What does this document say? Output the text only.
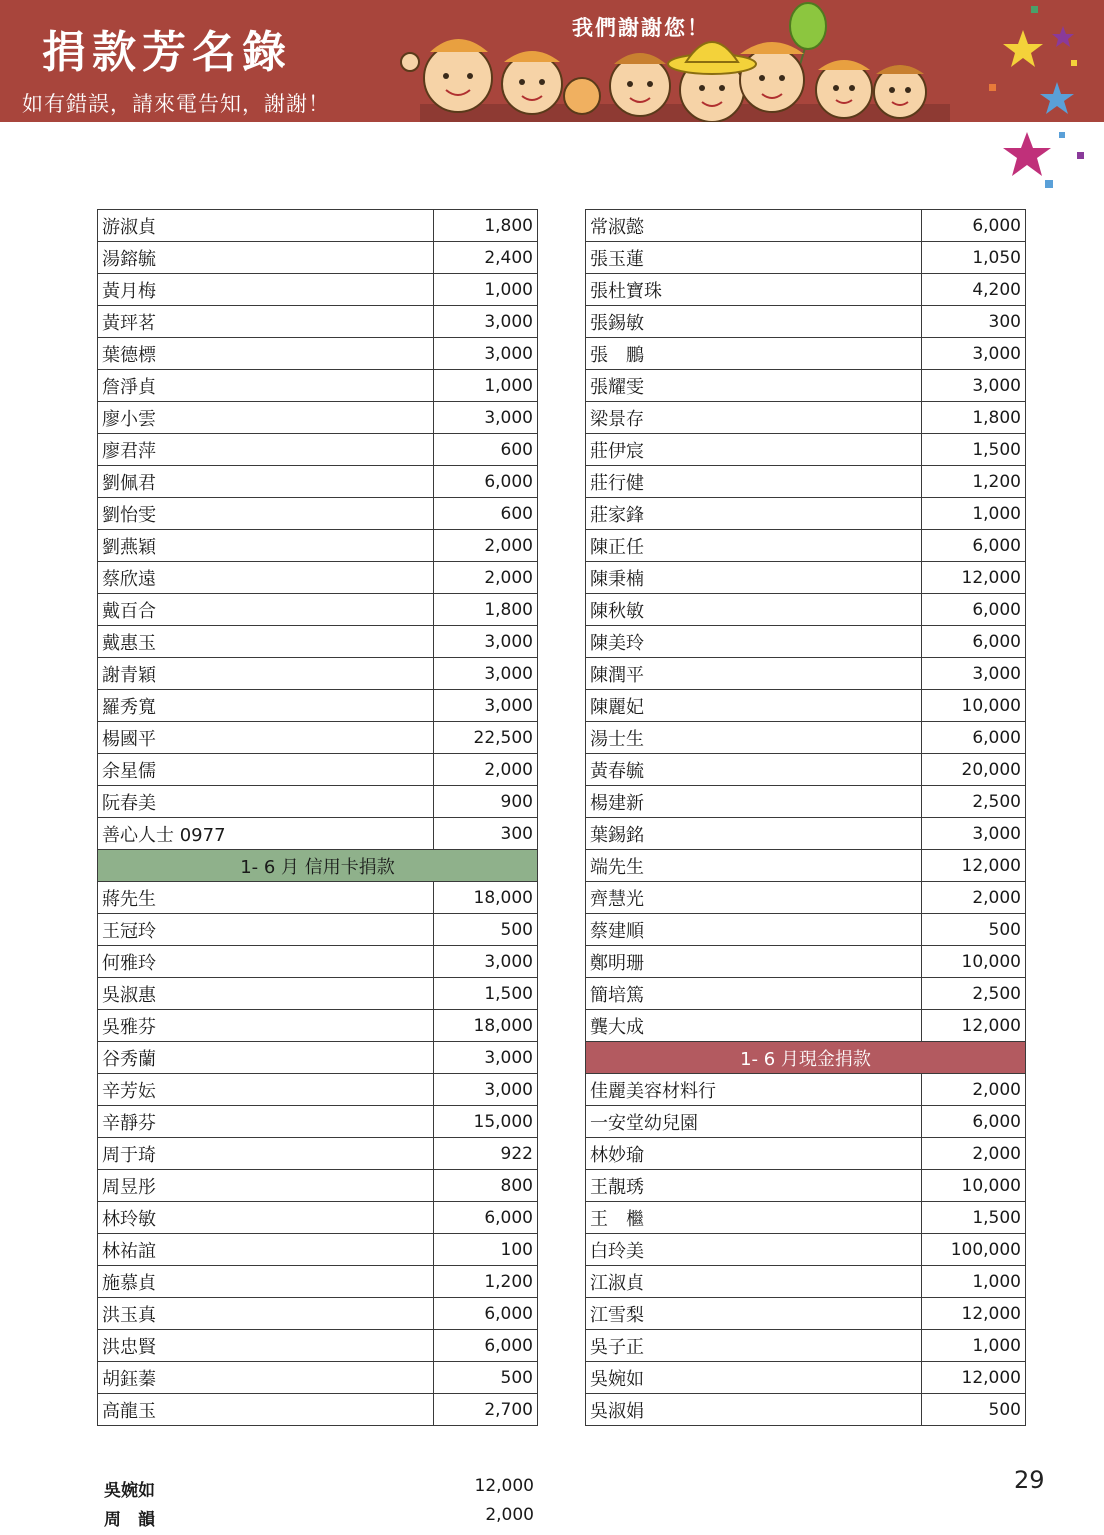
捐款芳名錄
如有錯誤，請來電告知，謝謝！
我們謝謝您！
游淑貞	1,800
湯鎔毓	2,400
黃月梅	1,000
黃玶茗	3,000
葉德標	3,000
詹淨貞	1,000
廖小雲	3,000
廖君萍	600
劉佩君	6,000
劉怡雯	600
劉燕穎	2,000
蔡欣遠	2,000
戴百合	1,800
戴惠玉	3,000
謝青穎	3,000
羅秀寬	3,000
楊國平	22,500
余星儒	2,000
阮春美	900
善心人士 0977	300
1- 6 月 信用卡捐款	
蔣先生	18,000
王冠玲	500
何雅玲	3,000
吳淑惠	1,500
吳雅芬	18,000
谷秀蘭	3,000
辛芳妘	3,000
辛靜芬	15,000
周于琦	922
周昱彤	800
林玲敏	6,000
林祐誼	100
施慕貞	1,200
洪玉真	6,000
洪忠賢	6,000
胡鈺蓁	500
高龍玉	2,700
常淑懿	6,000
張玉蓮	1,050
張杜寶珠	4,200
張錫敏	300
張　鵬	3,000
張耀雯	3,000
梁景存	1,800
莊伊宸	1,500
莊行健	1,200
莊家鋒	1,000
陳正任	6,000
陳秉楠	12,000
陳秋敏	6,000
陳美玲	6,000
陳潤平	3,000
陳麗妃	10,000
湯士生	6,000
黃春毓	20,000
楊建新	2,500
葉錫銘	3,000
端先生	12,000
齊慧光	2,000
蔡建順	500
鄭明珊	10,000
簡培篤	2,500
龔大成	12,000
1- 6 月現金捐款	
佳麗美容材料行	2,000
一安堂幼兒園	6,000
林妙瑜	2,000
王靚琇	10,000
王　檵	1,500
白玲美	100,000
江淑貞	1,000
江雪梨	12,000
吳子正	1,000
吳婉如	12,000
吳淑娟	500
吳婉如	12,000
周　韻	2,000
29
